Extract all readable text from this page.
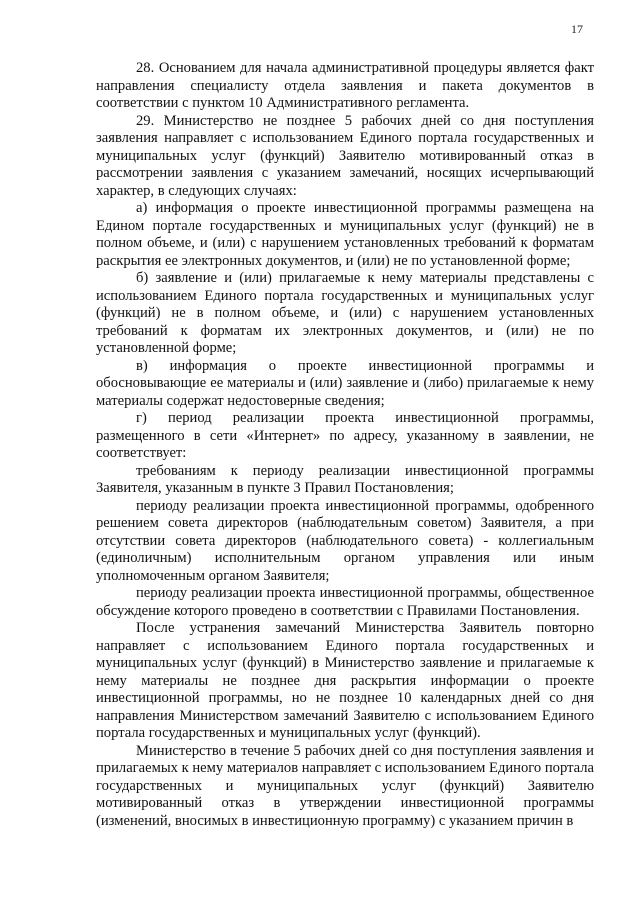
17

28. Основанием для начала административной процедуры является факт направления специалисту отдела заявления и пакета документов в соответствии с пунктом 10 Административного регламента.

29. Министерство не позднее 5 рабочих дней со дня поступления заявления направляет с использованием Единого портала государственных и муниципальных услуг (функций) Заявителю мотивированный отказ в рассмотрении заявления с указанием замечаний, носящих исчерпывающий характер, в следующих случаях:

а) информация о проекте инвестиционной программы размещена на Едином портале государственных и муниципальных услуг (функций) не в полном объеме, и (или) с нарушением установленных требований к форматам раскрытия ее электронных документов, и (или) не по установленной форме;

б) заявление и (или) прилагаемые к нему материалы представлены с использованием Единого портала государственных и муниципальных услуг (функций) не в полном объеме, и (или) с нарушением установленных требований к форматам их электронных документов, и (или) не по установленной форме;

в) информация о проекте инвестиционной программы и обосновывающие ее материалы и (или) заявление и (либо) прилагаемые к нему материалы содержат недостоверные сведения;

г) период реализации проекта инвестиционной программы, размещенного в сети «Интернет» по адресу, указанному в заявлении, не соответствует:

требованиям к периоду реализации инвестиционной программы Заявителя, указанным в пункте 3 Правил Постановления;

периоду реализации проекта инвестиционной программы, одобренного решением совета директоров (наблюдательным советом) Заявителя, а при отсутствии совета директоров (наблюдательного совета) - коллегиальным (единоличным) исполнительным органом управления или иным уполномоченным органом Заявителя;

периоду реализации проекта инвестиционной программы, общественное обсуждение которого проведено в соответствии с Правилами Постановления.

После устранения замечаний Министерства Заявитель повторно направляет с использованием Единого портала государственных и муниципальных услуг (функций) в Министерство заявление и прилагаемые к нему материалы не позднее дня раскрытия информации о проекте инвестиционной программы, но не позднее 10 календарных дней со дня направления Министерством замечаний Заявителю с использованием Единого портала государственных и муниципальных услуг (функций).

Министерство в течение 5 рабочих дней со дня поступления заявления и прилагаемых к нему материалов направляет с использованием Единого портала государственных и муниципальных услуг (функций) Заявителю мотивированный отказ в утверждении инвестиционной программы (изменений, вносимых в инвестиционную программу) с указанием причин в
